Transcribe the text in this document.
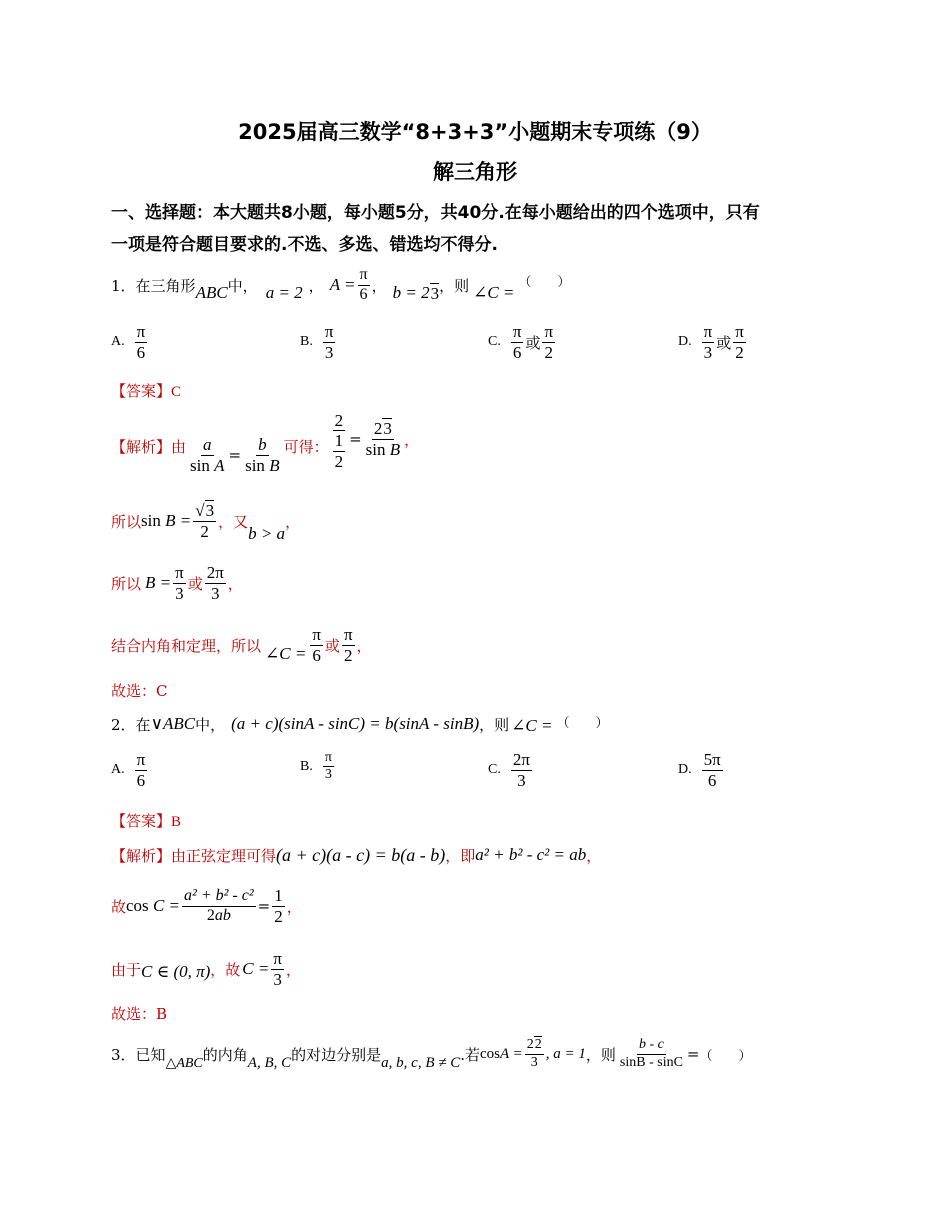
2025届高三数学“8+3+3”小题期末专项练（9）
解三角形
一、选择题：本大题共8小题，每小题5分，共40分.在每小题给出的四个选项中，只有
一项是符合题目要求的.不选、多选、错选均不得分.
1． 在三角形 ABC 中， a = 2 ， $A = \frac{\pi}{6}$ ， b = 2 3 ，则 ∠C =
（　　）
A. $\frac{\pi}{6}$	B. $\frac{\pi}{3}$	C. $\frac{\pi}{6}$ 或 $\frac{\pi}{2}$	D. $\frac{\pi}{3}$ 或 $\frac{\pi}{2}$
【答案】C
【解析】 由 $\frac{a}{\text{sin A}} = \frac{b}{\text{sin B}}$ 可得： 2
1
$2 = \frac{23}{\text{sin B}}$ ，
所以 $\sin B = \frac{√3}{2}$ ，又
b > a
，
所以 $B = \frac{\pi}{3}$ 或 $\frac{2\pi}{3}$ ，
结合内角和定理，所以 ∠C = $\frac{\pi}{6}$ 或 $\frac{\pi}{2}$ ，
故选：C
2． 在 ∨ABC 中， (a + c)(sinA - sinC) = b(sinA - sinB) ，则 ∠C = （　　）
A. $\frac{\pi}{6}$	B. $\frac{\pi}{3}$	C. $\frac{2\pi}{3}$	D. $\frac{5\pi}{6}$
【答案】B
【解析】 由正弦定理可得 (a + c)(a - c) = b(a - b) ，即 a² + b² - c² = ab ，
故 $\cos C = \frac{\text{a² + b² - c²}}{2ab} = \frac{1}{2}$ ，
由于 C ∈ (0, π) ，故 $C = \frac{\pi}{3}$ ，
故选：B
3． 已知 △ABC 的内角 A, B, C 的对边分别是 a, b, c, B ≠ C .若 $\cos A = \frac{22}{3}$ , a = 1 ，则 $\frac{b - c}{\sin B - \sin C}$ = （　　）
